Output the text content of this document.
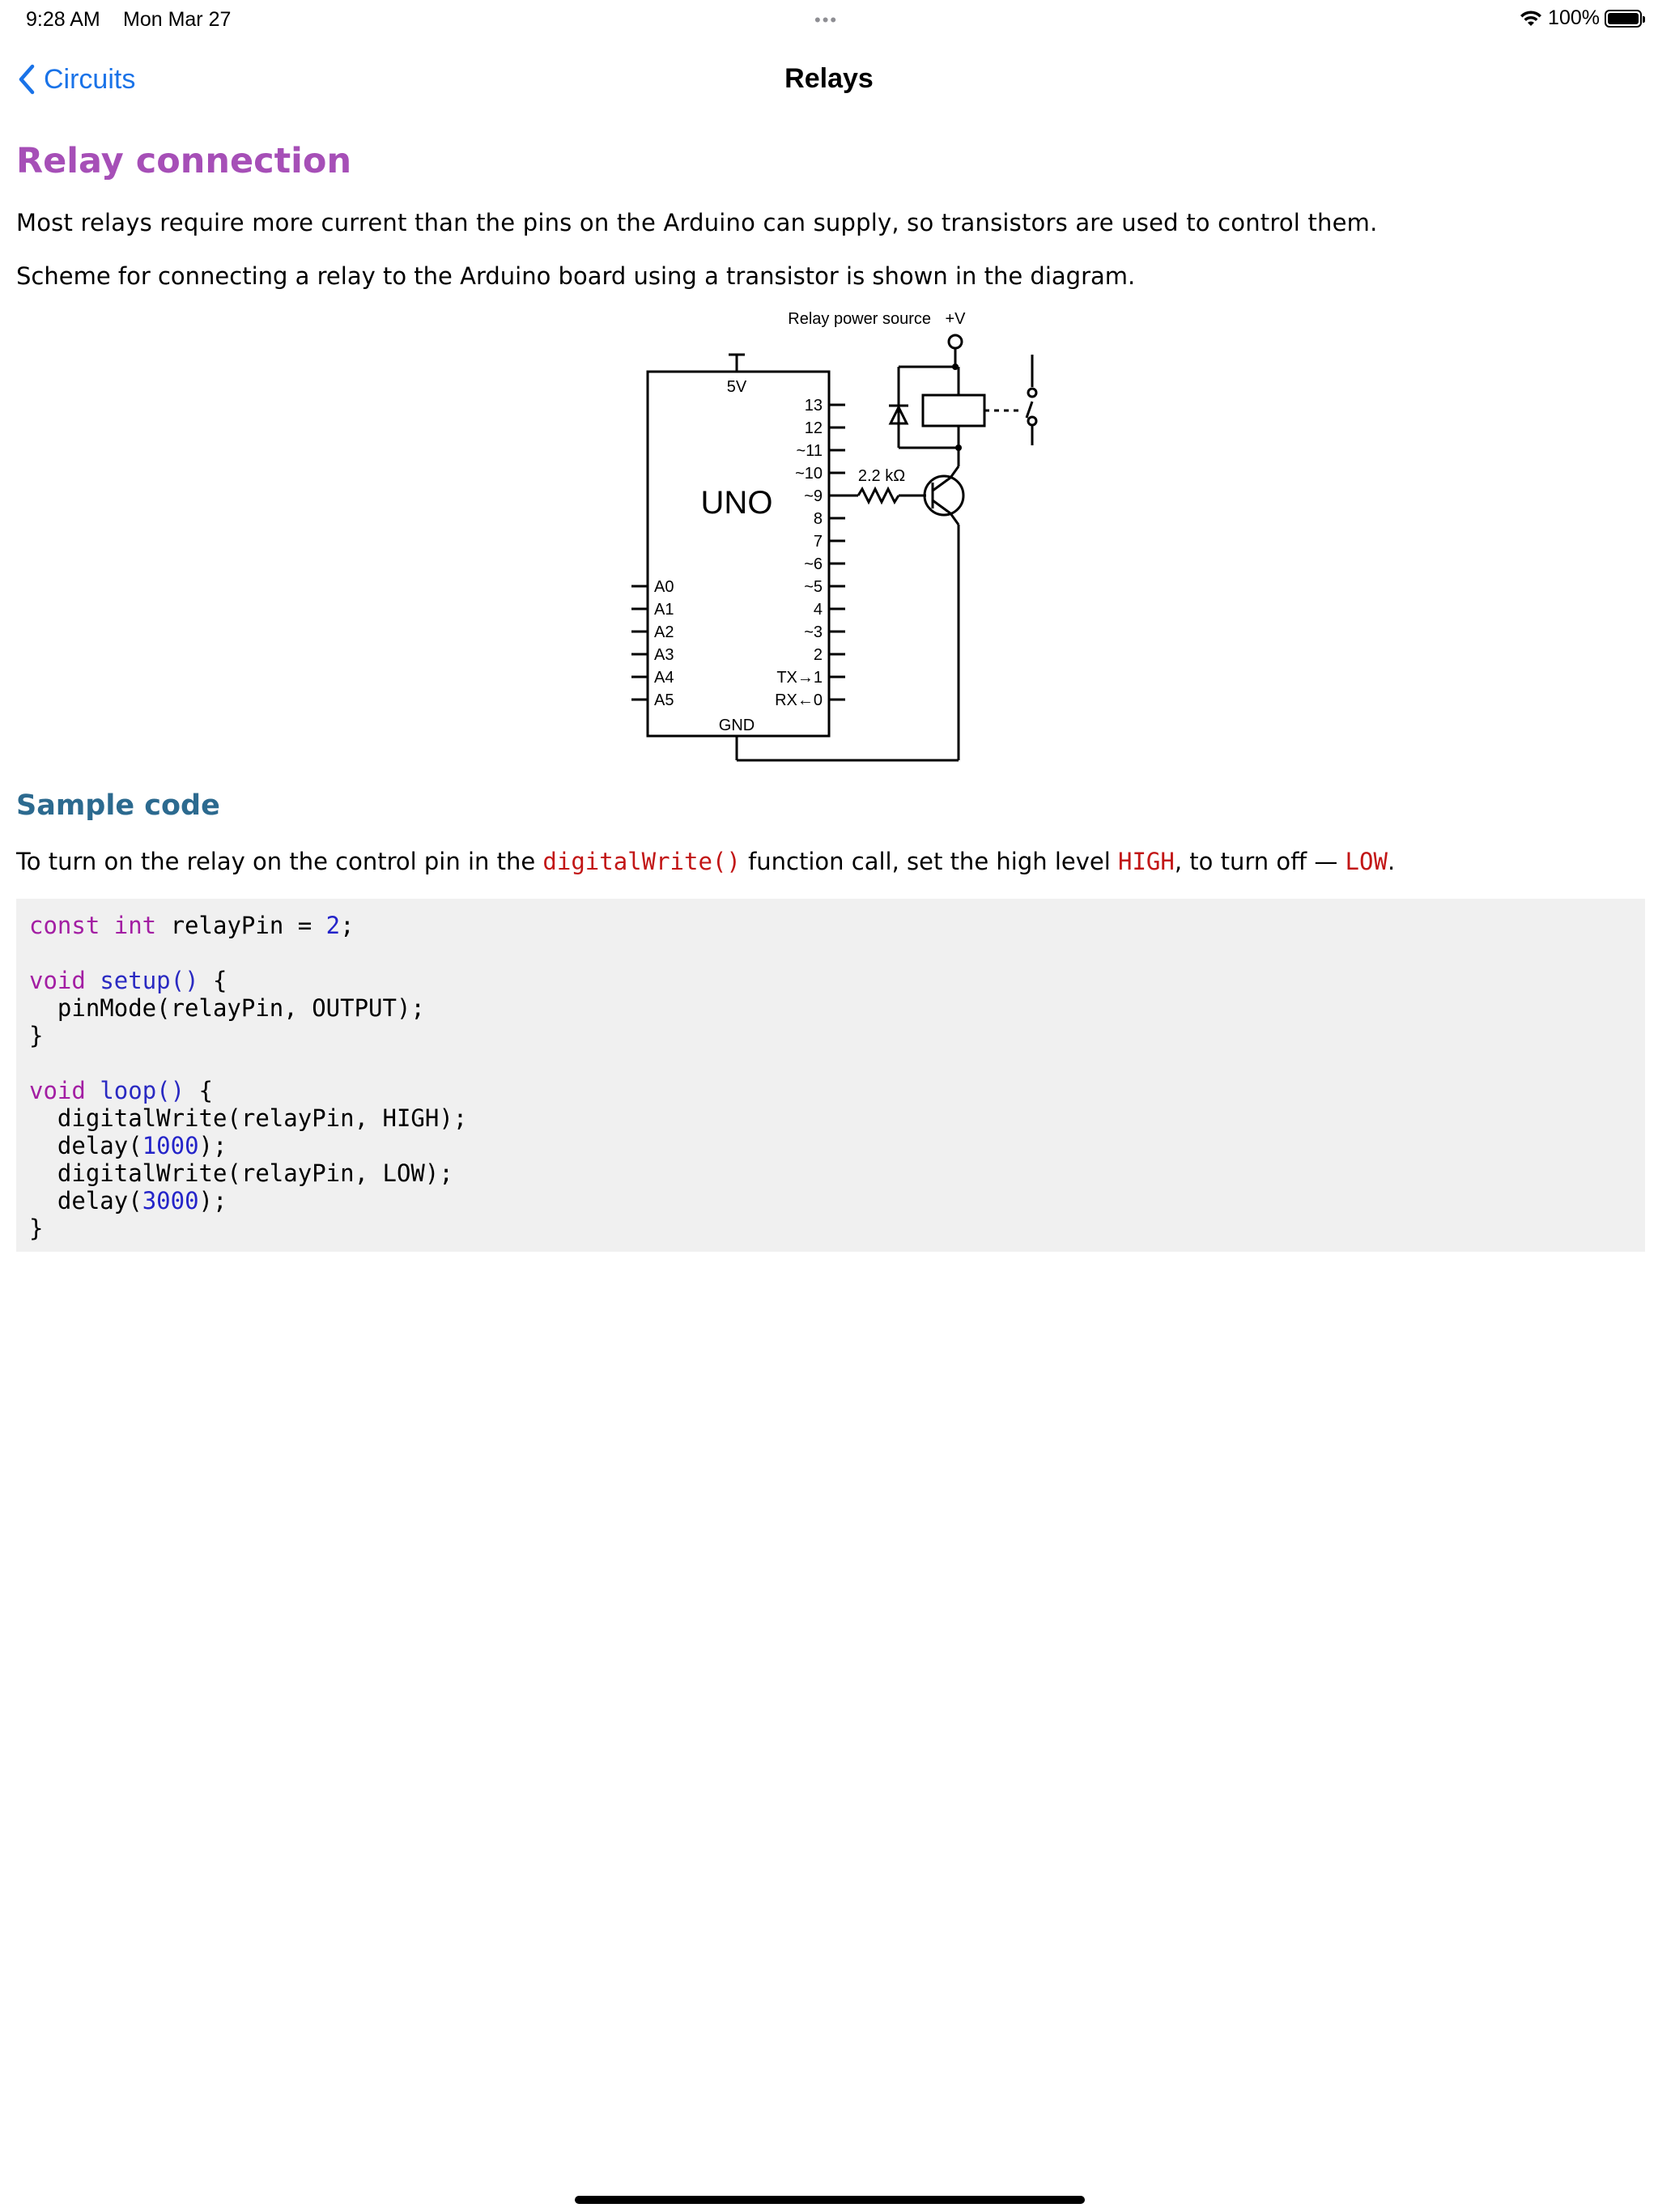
9:28 AM Mon Mar 27	•••	100%
Circuits	Relays
Relay connection

Most relays require more current than the pins on the Arduino can supply, so transistors are used to control them.

Scheme for connecting a relay to the Arduino board using a transistor is shown in the diagram.

Relay power source +V
5V
UNO
GND
2.2 kΩ
13
12
~11
~10
~9
8
7
~6
~5
4
~3
2
TX→1
RX←0
A0
A1
A2
A3
A4
A5
Sample code
To turn on the relay on the control pin in the digitalWrite() function call, set the high level HIGH, to turn off — LOW.
const int relayPin = 2;

void setup() {
pinMode(relayPin, OUTPUT);
}

void loop() {
digitalWrite(relayPin, HIGH);
delay(1000);
digitalWrite(relayPin, LOW);
delay(3000);
}
